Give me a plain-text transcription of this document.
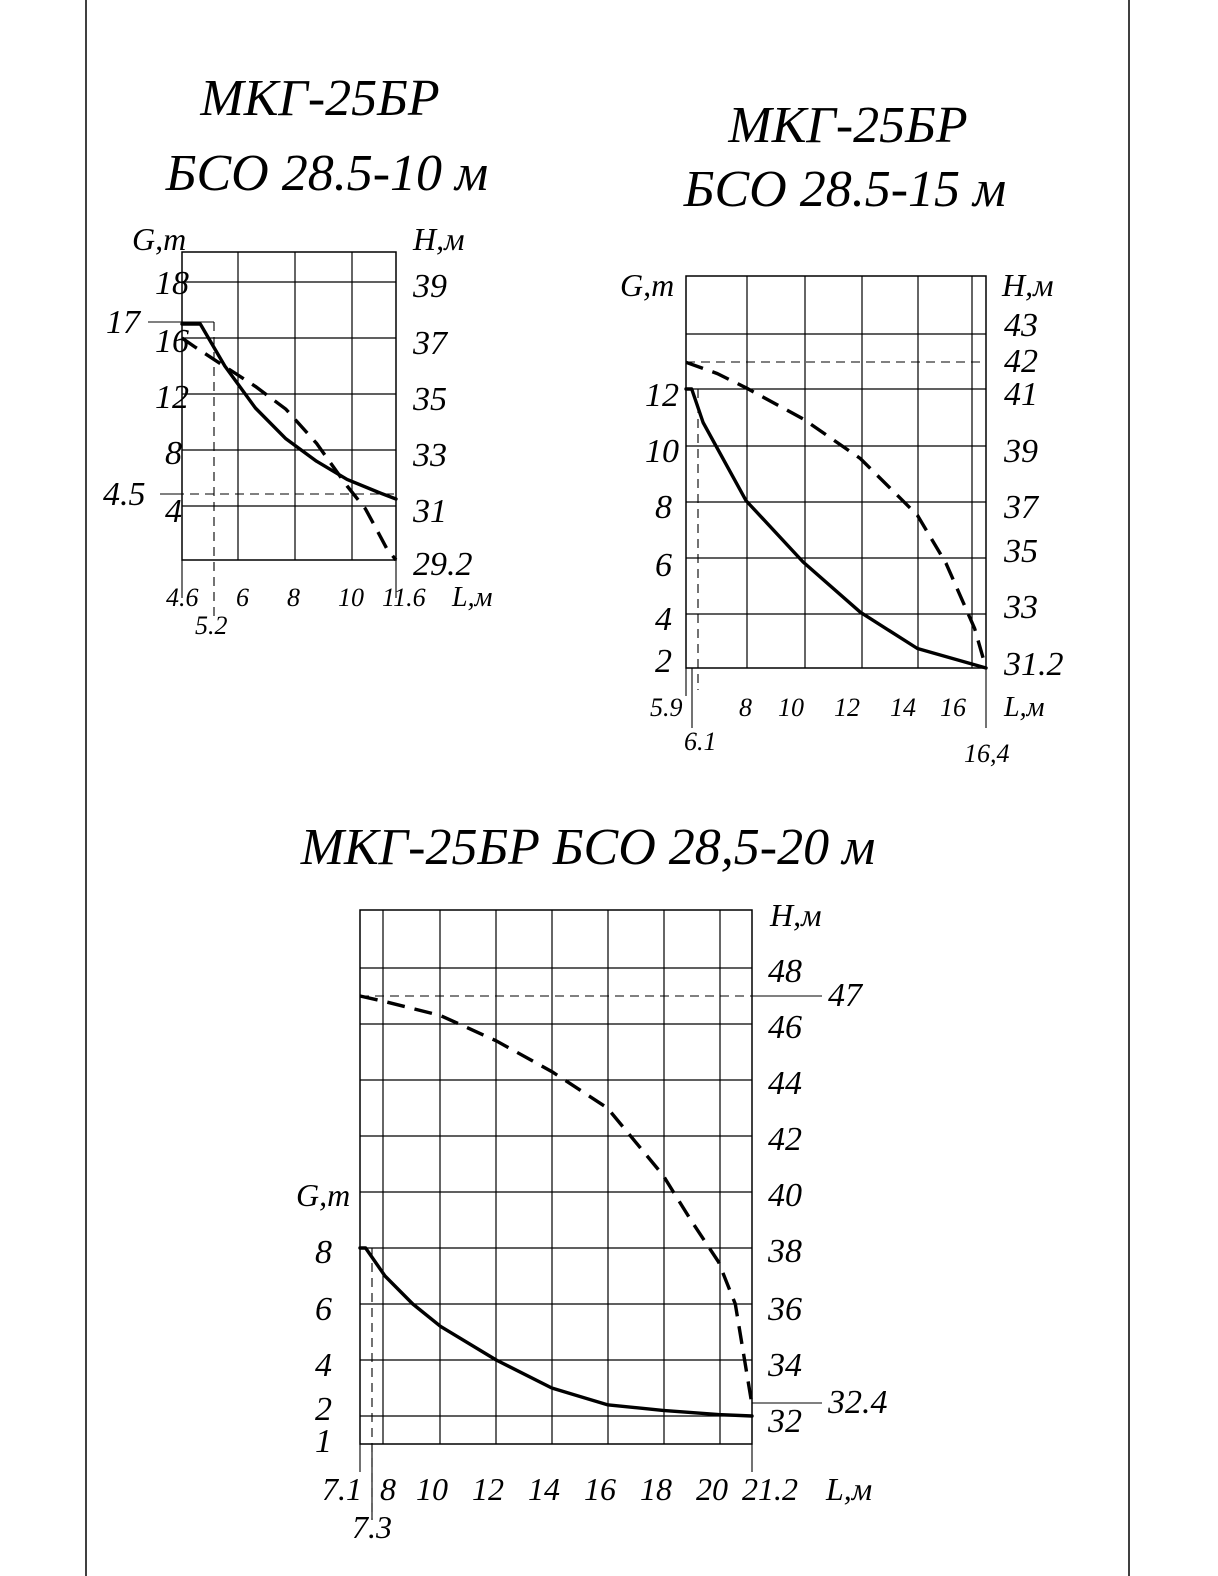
МКГ-25БР
БСО 28.5-10 м
G,т	H,м
L,м
18
16
12
8
4
17
4.5
39
37
35
33
31
29.2
4.6 6 8 10 11.6
5.2
МКГ-25БР
БСО 28.5-15 м
G,т	H,м
L,м
12
10
8
6
4
2
43
42
41
39
37
35
33
31.2
5.9 8 10 12 14 16
6.1	16,4
МКГ-25БР БСО 28,5-20 м
G,т
H,м
L,м
8
6
4
2
1
48
46
44
42
40
38
36
34
32
47
32.4
7.1 8 10 12 14 16 18 20 21.2
7.3
